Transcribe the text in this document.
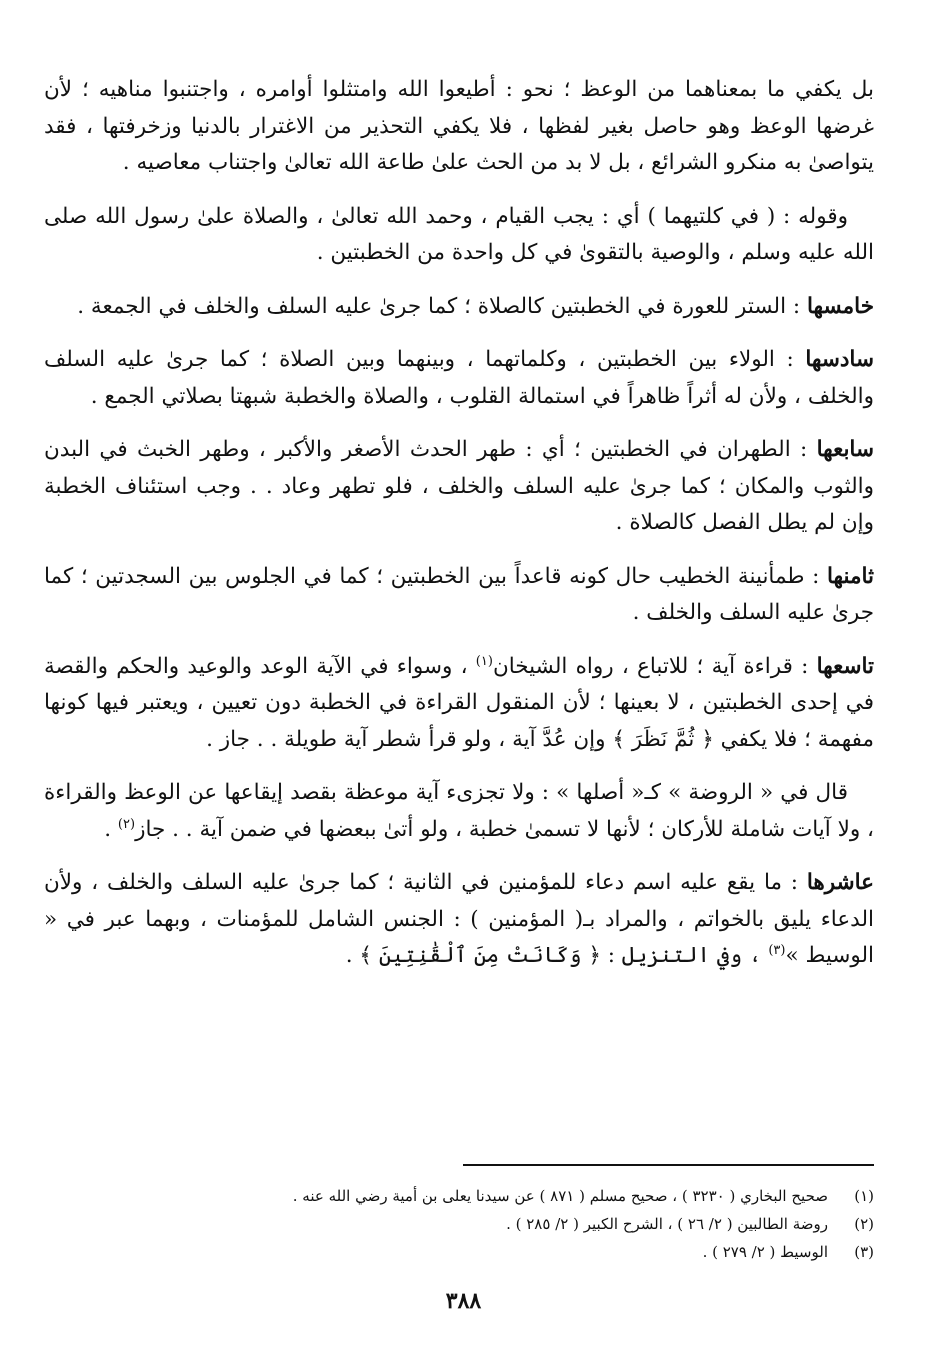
بل يكفي ما بمعناهما من الوعظ ؛ نحو : أطيعوا الله وامتثلوا أوامره ، واجتنبوا مناهيه ؛ لأن غرضها الوعظ وهو حاصل بغير لفظها ، فلا يكفي التحذير من الاغترار بالدنيا وزخرفتها ، فقد يتواصىٰ به منكرو الشرائع ، بل لا بد من الحث علىٰ طاعة الله تعالىٰ واجتناب معاصيه .

وقوله : ( في كلتيهما ) أي : يجب القيام ، وحمد الله تعالىٰ ، والصلاة علىٰ رسول الله صلى الله عليه وسلم ، والوصية بالتقوىٰ في كل واحدة من الخطبتين .

خامسها : الستر للعورة في الخطبتين كالصلاة ؛ كما جرىٰ عليه السلف والخلف في الجمعة .

سادسها : الولاء بين الخطبتين ، وكلماتهما ، وبينهما وبين الصلاة ؛ كما جرىٰ عليه السلف والخلف ، ولأن له أثراً ظاهراً في استمالة القلوب ، والصلاة والخطبة شبهتا بصلاتي الجمع .

سابعها : الطهران في الخطبتين ؛ أي : طهر الحدث الأصغر والأكبر ، وطهر الخبث في البدن والثوب والمكان ؛ كما جرىٰ عليه السلف والخلف ، فلو تطهر وعاد . . وجب استئناف الخطبة وإن لم يطل الفصل كالصلاة .

ثامنها : طمأنينة الخطيب حال كونه قاعداً بين الخطبتين ؛ كما في الجلوس بين السجدتين ؛ كما جرىٰ عليه السلف والخلف .

تاسعها : قراءة آية ؛ للاتباع ، رواه الشيخان$^{(١)}$ ، وسواء في الآية الوعد والوعيد والحكم والقصة في إحدى الخطبتين ، لا بعينها ؛ لأن المنقول القراءة في الخطبة دون تعيين ، ويعتبر فيها كونها مفهمة ؛ فلا يكفي ﴿ ثُمَّ نَظَرَ ﴾ وإن عُدَّ آية ، ولو قرأ شطر آية طويلة . . جاز .

قال في « الروضة » كـ« أصلها » : ولا تجزىء آية موعظة بقصد إيقاعها عن الوعظ والقراءة ، ولا آيات شاملة للأركان ؛ لأنها لا تسمىٰ خطبة ، ولو أتىٰ ببعضها في ضمن آية . . جاز$^{(٢)}$ .

عاشرها : ما يقع عليه اسم دعاء للمؤمنين في الثانية ؛ كما جرىٰ عليه السلف والخلف ، ولأن الدعاء يليق بالخواتم ، والمراد بـ( المؤمنين ) : الجنس الشامل للمؤمنات ، وبهما عبر في « الوسيط »$^{(٣)}$ ، وفي التنزيل : ﴿ وَكَانَتْ مِنَ ٱلْقَٰنِتِينَ ﴾ .

(١)
صحيح البخاري ( ٣٢٣٠ ) ، صحيح مسلم ( ٨٧١ ) عن سيدنا يعلى بن أمية رضي الله عنه .
(٢)
روضة الطالبين ( ٢/ ٢٦ ) ، الشرح الكبير ( ٢/ ٢٨٥ ) .
(٣)
الوسيط ( ٢/ ٢٧٩ ) .
٣٨٨
